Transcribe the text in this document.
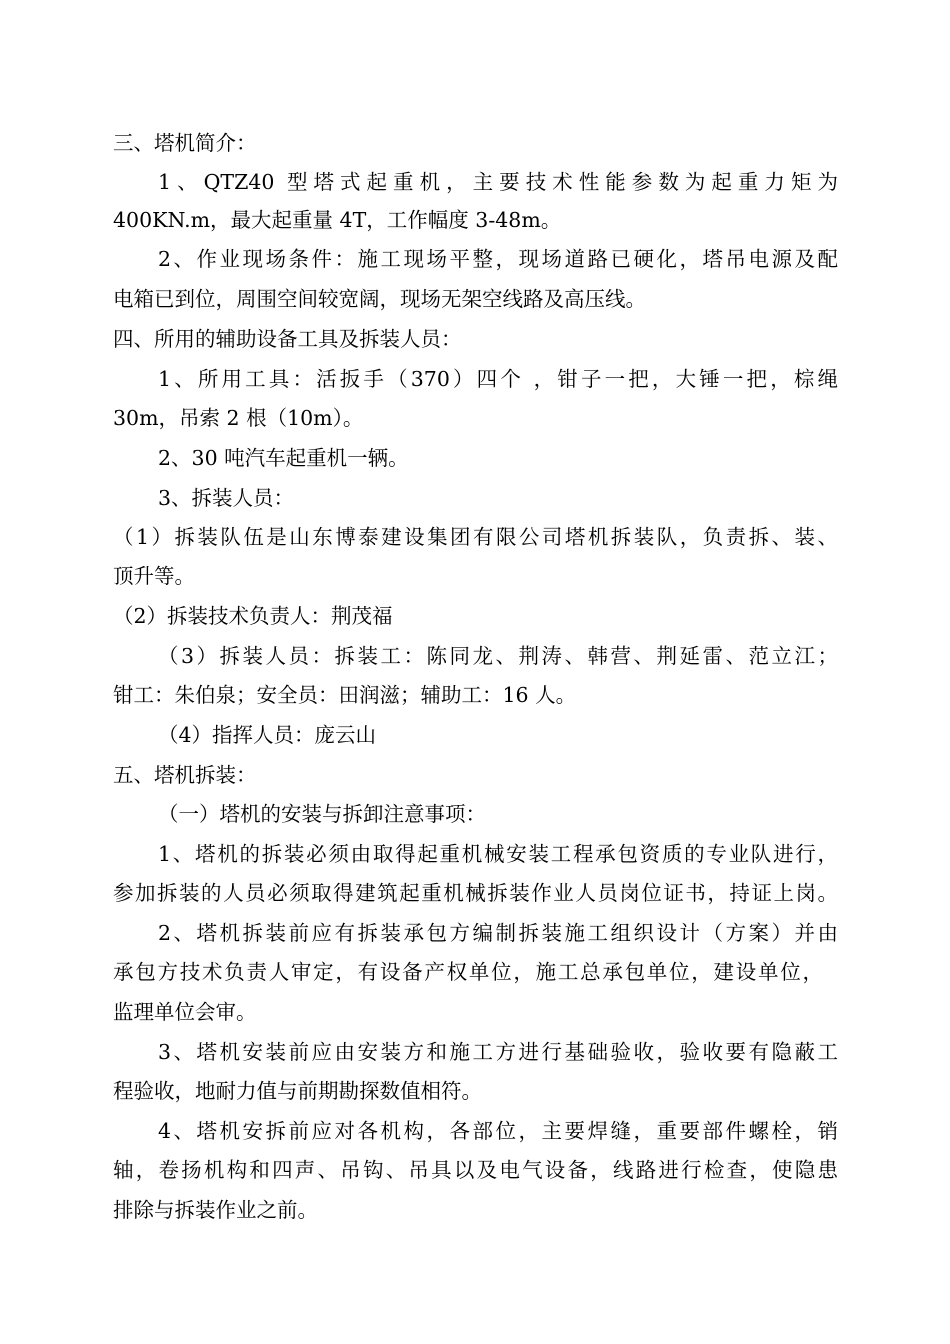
三、塔机简介：
1、QTZ40 型塔式起重机，主要技术性能参数为起重力矩为
400KN.m，最大起重量 4T，工作幅度 3-48m。
2、作业现场条件：施工现场平整，现场道路已硬化，塔吊电源及配
电箱已到位，周围空间较宽阔，现场无架空线路及高压线。
四、所用的辅助设备工具及拆装人员：
1、所用工具：活扳手（370）四个 ，钳子一把，大锤一把，棕绳
30m，吊索 2 根（10m）。
2、30 吨汽车起重机一辆。
3、拆装人员：
（1）拆装队伍是山东博泰建设集团有限公司塔机拆装队，负责拆、装、
顶升等。
（2）拆装技术负责人：荆茂福
（3）拆装人员：拆装工：陈同龙、荆涛、韩营、荆延雷、范立江；
钳工：朱伯泉；安全员：田润滋；辅助工：16 人。
（4）指挥人员：庞云山
五、塔机拆装：
（一）塔机的安装与拆卸注意事项：
1、塔机的拆装必须由取得起重机械安装工程承包资质的专业队进行，
参加拆装的人员必须取得建筑起重机械拆装作业人员岗位证书，持证上岗。
2、塔机拆装前应有拆装承包方编制拆装施工组织设计（方案）并由
承包方技术负责人审定，有设备产权单位，施工总承包单位，建设单位，
监理单位会审。
3、塔机安装前应由安装方和施工方进行基础验收，验收要有隐蔽工
程验收，地耐力值与前期勘探数值相符。
4、塔机安拆前应对各机构，各部位，主要焊缝，重要部件螺栓，销
轴，卷扬机构和四声、吊钩、吊具以及电气设备，线路进行检查，使隐患
排除与拆装作业之前。
